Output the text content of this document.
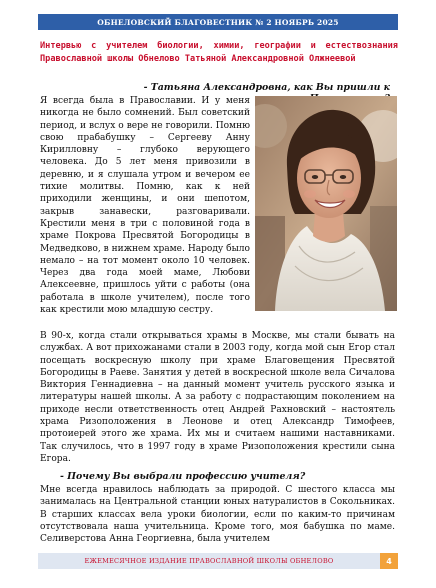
ОБНЕЛОВСКИЙ БЛАГОВЕСТНИК № 2 НОЯБРЬ 2025
Интервью с учителем биологии, химии, географии и естествознания Православной школы Обнелово Татьяной Александровной Олжнеевой
- Татьяна Александровна, как Вы пришли к
Я всегда была в Православии. И у меня никогда не было сомнений. Был советский период, и вслух о вере не говорили. Помню свою прабабушку – Сергееву Анну Кирилловну – глубоко верующего человека. До 5 лет меня привозили в деревню, и я слушала утром и вечером ее тихие молитвы. Помню, как к ней приходили женщины, и они шепотом, закрыв занавески, разговаривали. Крестили меня в три с половиной года в храме Покрова Пресвятой Богородицы в Медведково, в нижнем храме. Народу было немало – на тот момент около 10 человек. Через два года моей маме, Любови Алексеевне, пришлось уйти с работы (она работала в школе учителем), после того как крестили мою младшую сестру.
В 90-х, когда стали открываться храмы в Москве, мы стали бывать на службах. А вот прихожанами стали в 2003 году, когда мой сын Егор стал посещать воскресную школу при храме Благовещения Пресвятой Богородицы в Раеве. Занятия у детей в воскресной школе вела Сичалова Виктория Геннадиевна – на данный момент учитель русского языка и литературы нашей школы. А за работу с подрастающим поколением на приходе несли ответственность отец Андрей Рахновский – настоятель храма Ризоположения в Леонове и отец Александр Тимофеев, протоиерей этого же храма. Их мы и считаем нашими наставниками. Так случилось, что в 1997 году в храме Ризоположения крестили сына Егора.
- Почему Вы выбрали профессию учителя?
Мне всегда нравилось наблюдать за природой. С шестого класса мы занималась на Центральной станции юных натуралистов в Сокольниках. В старших классах вела уроки биологии, если по каким-то причинам отсутствовала наша учительница. Кроме того, моя бабушка по маме. Селиверстова Анна Георгиевна, была учителем
ЕЖЕМЕСЯЧНОЕ ИЗДАНИЕ ПРАВОСЛАВНОЙ ШКОЛЫ ОБНЕЛОВО	4
